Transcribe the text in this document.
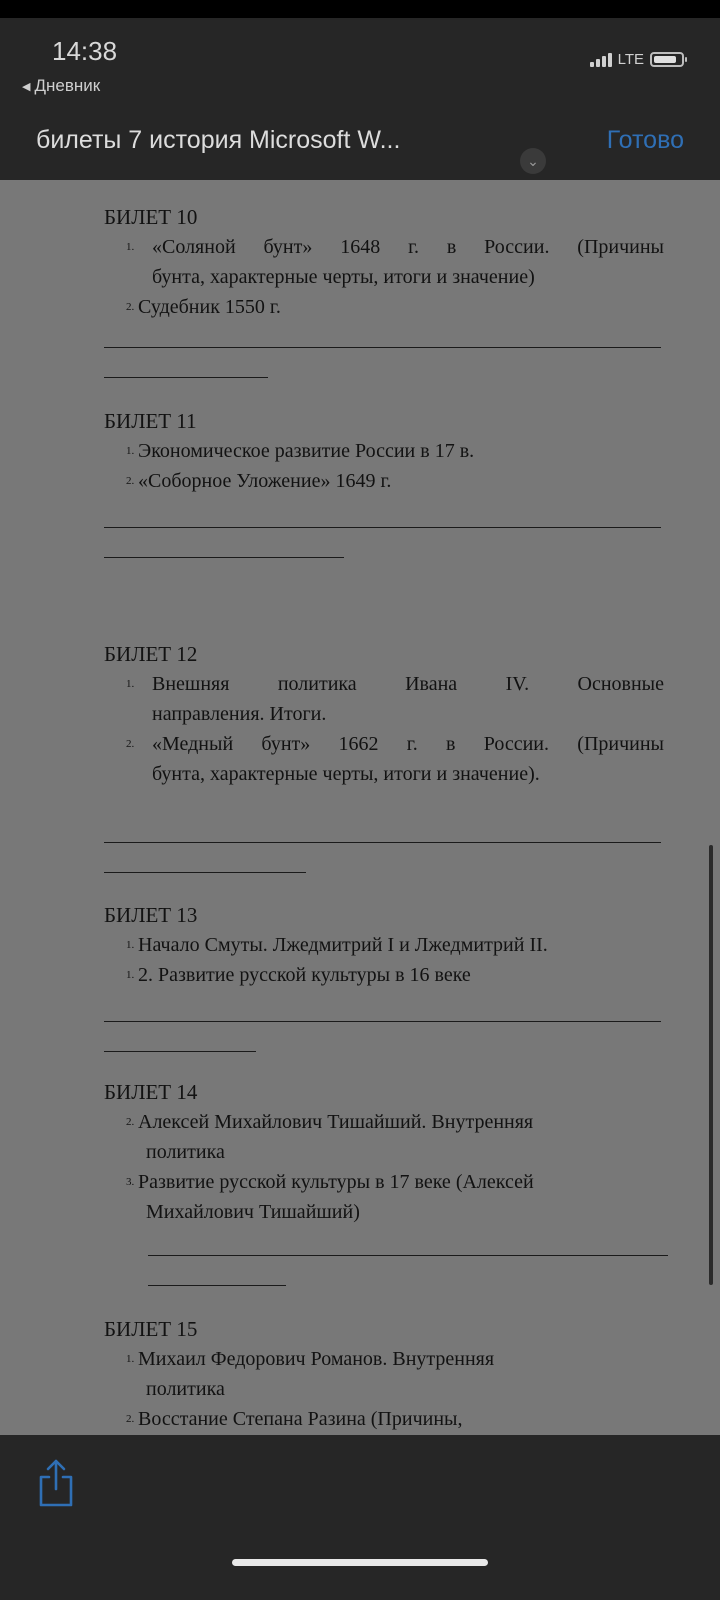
14:38
◀ Дневник
LTE
билеты 7 история Microsoft W...
⌄
Готово
БИЛЕТ 10
1. «Соляной бунт» 1648 г. в России. (Причины
бунта, характерные черты, итоги и значение)
2. Судебник 1550 г.
БИЛЕТ 11
1. Экономическое развитие России в 17 в.
2. «Соборное Уложение» 1649 г.
БИЛЕТ 12
1. Внешняя политика Ивана IV. Основные
направления. Итоги.
2. «Медный бунт» 1662 г. в России. (Причины
бунта, характерные черты, итоги и значение).
БИЛЕТ 13
1. Начало Смуты. Лжедмитрий I и Лжедмитрий II.
1. 2. Развитие русской культуры в 16 веке
БИЛЕТ 14
2. Алексей Михайлович Тишайший. Внутренняя
политика
3. Развитие русской культуры в 17 веке (Алексей
Михайлович Тишайший)
БИЛЕТ 15
1. Михаил Федорович Романов. Внутренняя
политика
2. Восстание Степана Разина (Причины,
